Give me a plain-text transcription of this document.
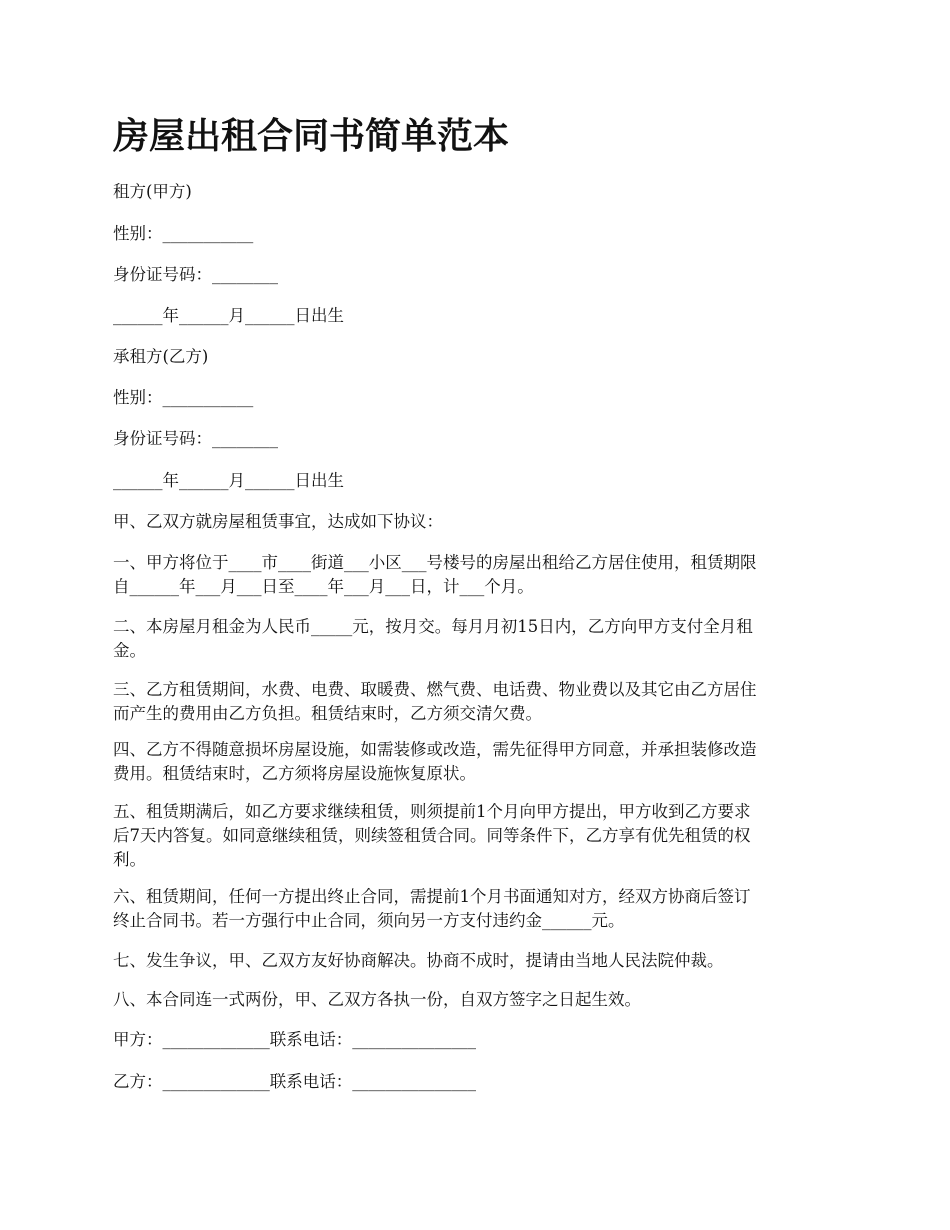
房屋出租合同书简单范本

租方(甲方)

性别：___________

身份证号码：________

______年______月______日出生

承租方(乙方)

性别：___________

身份证号码：________

______年______月______日出生

甲、乙双方就房屋租赁事宜，达成如下协议：

一、甲方将位于____市____街道___小区___号楼号的房屋出租给乙方居住使用，租赁期限
自______年___月___日至____年___月___日，计___个月。
二、本房屋月租金为人民币_____元，按月交。每月月初15日内，乙方向甲方支付全月租
金。
三、乙方租赁期间，水费、电费、取暖费、燃气费、电话费、物业费以及其它由乙方居住
而产生的费用由乙方负担。租赁结束时，乙方须交清欠费。
四、乙方不得随意损坏房屋设施，如需装修或改造，需先征得甲方同意，并承担装修改造
费用。租赁结束时，乙方须将房屋设施恢复原状。
五、租赁期满后，如乙方要求继续租赁，则须提前1个月向甲方提出，甲方收到乙方要求
后7天内答复。如同意继续租赁，则续签租赁合同。同等条件下，乙方享有优先租赁的权
利。
六、租赁期间，任何一方提出终止合同，需提前1个月书面通知对方，经双方协商后签订
终止合同书。若一方强行中止合同，须向另一方支付违约金______元。
七、发生争议，甲、乙双方友好协商解决。协商不成时，提请由当地人民法院仲裁。
八、本合同连一式两份，甲、乙双方各执一份，自双方签字之日起生效。

甲方：_____________联系电话：_______________

乙方：_____________联系电话：_______________
